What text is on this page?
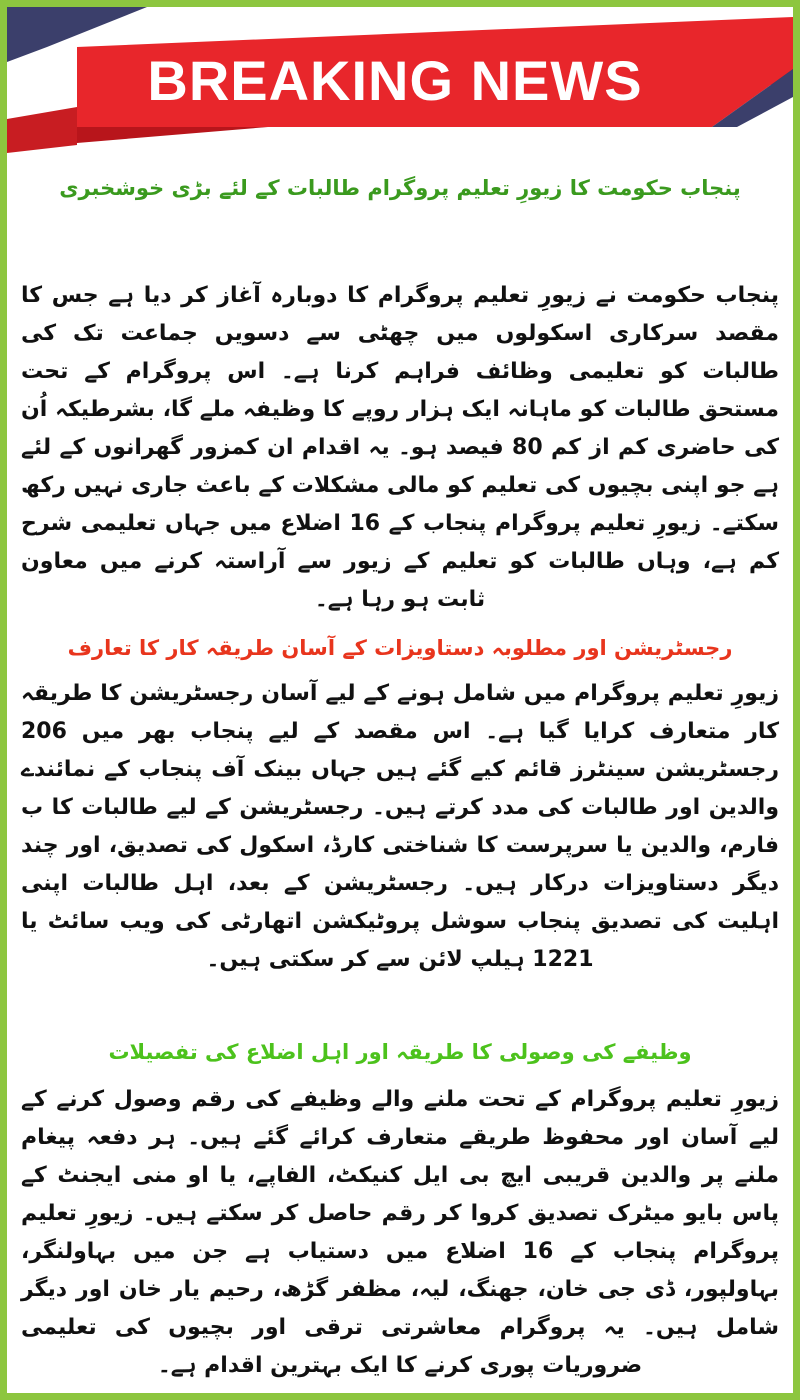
BREAKING NEWS
پنجاب حکومت کا زیورِ تعلیم پروگرام طالبات کے لئے بڑی خوشخبری

پنجاب حکومت نے زیورِ تعلیم پروگرام کا دوبارہ آغاز کر دیا ہے جس کا مقصد سرکاری اسکولوں میں چھٹی سے دسویں جماعت تک کی طالبات کو تعلیمی وظائف فراہم کرنا ہے۔ اس پروگرام کے تحت مستحق طالبات کو ماہانہ ایک ہزار روپے کا وظیفہ ملے گا، بشرطیکہ اُن کی حاضری کم از کم 80 فیصد ہو۔ یہ اقدام ان کمزور گھرانوں کے لئے ہے جو اپنی بچیوں کی تعلیم کو مالی مشکلات کے باعث جاری نہیں رکھ سکتے۔ زیورِ تعلیم پروگرام پنجاب کے 16 اضلاع میں جہاں تعلیمی شرح کم ہے، وہاں طالبات کو تعلیم کے زیور سے آراستہ کرنے میں معاون ثابت ہو رہا ہے۔

رجسٹریشن اور مطلوبہ دستاویزات کے آسان طریقہ کار کا تعارف

زیورِ تعلیم پروگرام میں شامل ہونے کے لیے آسان رجسٹریشن کا طریقہ کار متعارف کرایا گیا ہے۔ اس مقصد کے لیے پنجاب بھر میں 206 رجسٹریشن سینٹرز قائم کیے گئے ہیں جہاں بینک آف پنجاب کے نمائندے والدین اور طالبات کی مدد کرتے ہیں۔ رجسٹریشن کے لیے طالبات کا ب فارم، والدین یا سرپرست کا شناختی کارڈ، اسکول کی تصدیق، اور چند دیگر دستاویزات درکار ہیں۔ رجسٹریشن کے بعد، اہل طالبات اپنی اہلیت کی تصدیق پنجاب سوشل پروٹیکشن اتھارٹی کی ویب سائٹ یا 1221 ہیلپ لائن سے کر سکتی ہیں۔

وظیفے کی وصولی کا طریقہ اور اہل اضلاع کی تفصیلات

زیورِ تعلیم پروگرام کے تحت ملنے والے وظیفے کی رقم وصول کرنے کے لیے آسان اور محفوظ طریقے متعارف کرائے گئے ہیں۔ ہر دفعہ پیغام ملنے پر والدین قریبی ایچ بی ایل کنیکٹ، الفاپے، یا او منی ایجنٹ کے پاس بایو میٹرک تصدیق کروا کر رقم حاصل کر سکتے ہیں۔ زیورِ تعلیم پروگرام پنجاب کے 16 اضلاع میں دستیاب ہے جن میں بہاولنگر، بہاولپور، ڈی جی خان، جھنگ، لیہ، مظفر گڑھ، رحیم یار خان اور دیگر شامل ہیں۔ یہ پروگرام معاشرتی ترقی اور بچیوں کی تعلیمی ضروریات پوری کرنے کا ایک بہترین اقدام ہے۔
